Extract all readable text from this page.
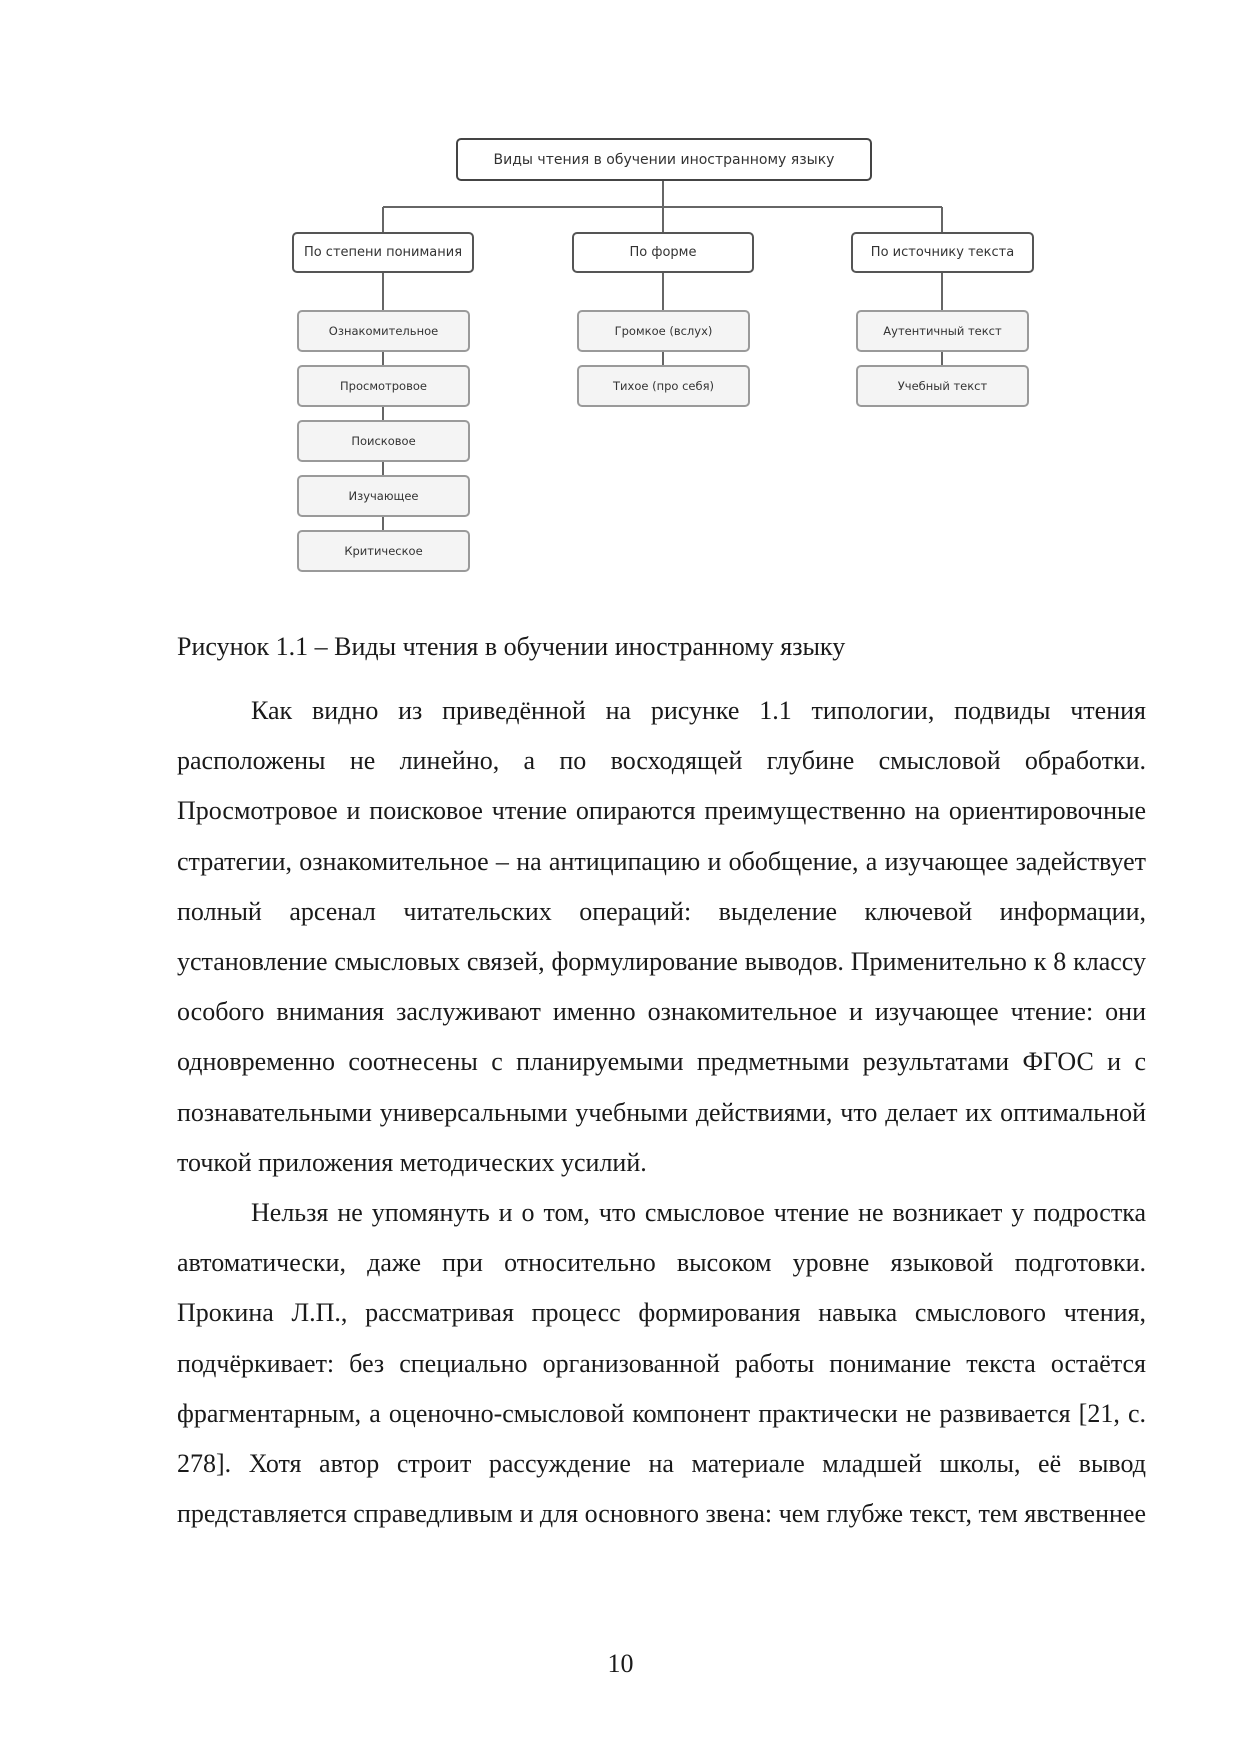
Виды чтения в обучении иностранному языку
По степени понимания	По форме	По источнику текста
Ознакомительное
Просмотровое
Поисковое
Изучающее
Критическое
Громкое (вслух)
Тихое (про себя)
Аутентичный текст
Учебный текст
Рисунок 1.1 – Виды чтения в обучении иностранному языку

Как видно из приведённой на рисунке 1.1 типологии, подвиды чтения расположены не линейно, а по восходящей глубине смысловой обработки. Просмотровое и поисковое чтение опираются преимущественно на ориентировочные стратегии, ознакомительное – на антиципацию и обобщение, а изучающее задействует полный арсенал читательских операций: выделение ключевой информации, установление смысловых связей, формулирование выводов. Применительно к 8 классу особого внимания заслуживают именно ознакомительное и изучающее чтение: они одновременно соотнесены с планируемыми предметными результатами ФГОС и с познавательными универсальными учебными действиями, что делает их оптимальной точкой приложения методических усилий.

Нельзя не упомянуть и о том, что смысловое чтение не возникает у подростка автоматически, даже при относительно высоком уровне языковой подготовки. Прокина Л.П., рассматривая процесс формирования навыка смыслового чтения, подчёркивает: без специально организованной работы понимание текста остаётся фрагментарным, а оценочно-смысловой компонент практически не развивается [21, с. 278]. Хотя автор строит рассуждение на материале младшей школы, её вывод представляется справедливым и для основного звена: чем глубже текст, тем явственнее

10
